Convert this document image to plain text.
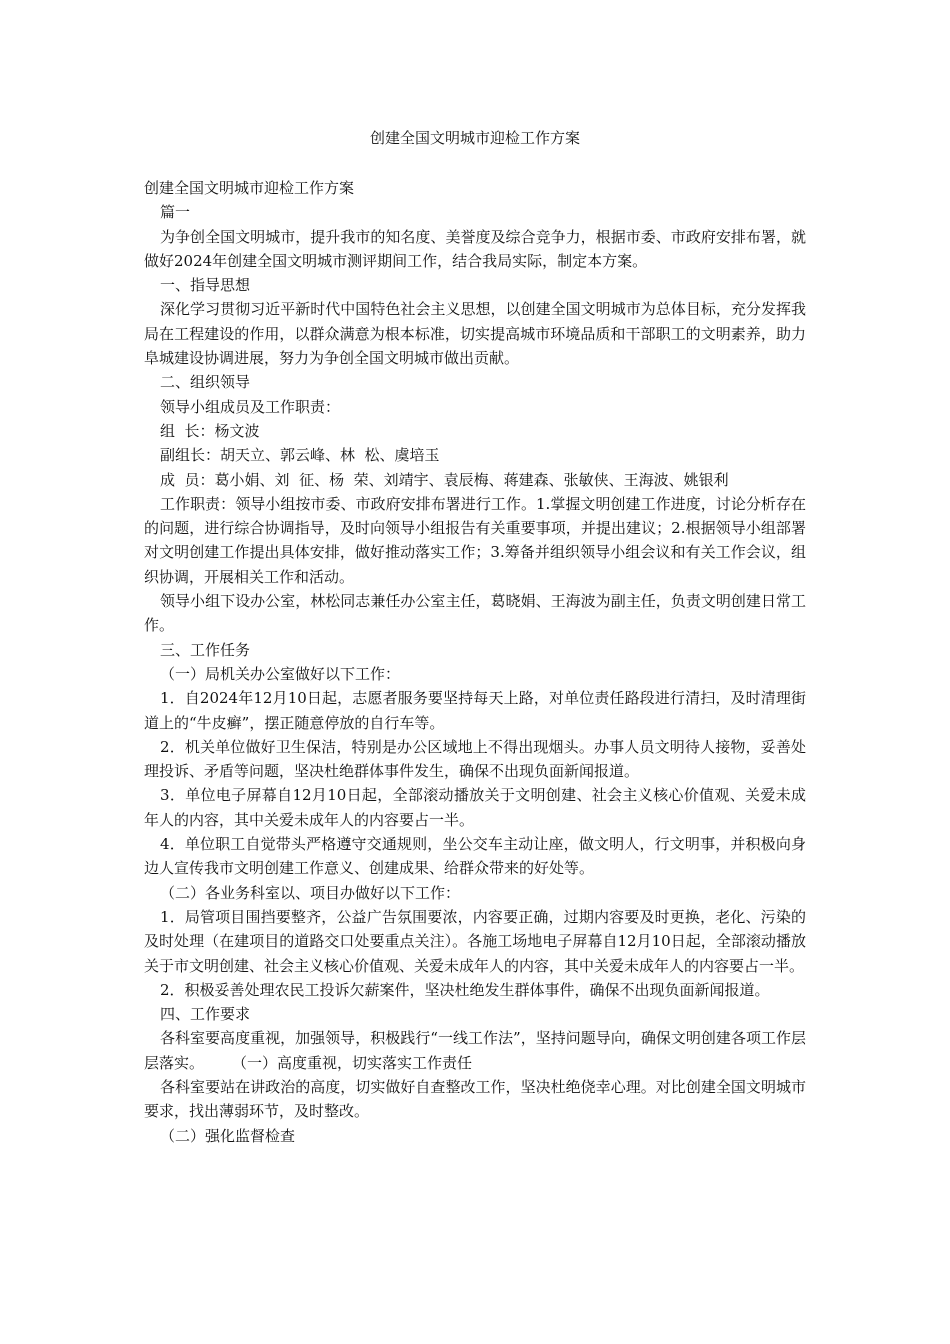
创建全国文明城市迎检工作方案

创建全国文明城市迎检工作方案

篇一

为争创全国文明城市，提升我市的知名度、美誉度及综合竞争力，根据市委、市政府安排布署，就做好2024年创建全国文明城市测评期间工作，结合我局实际，制定本方案。

一、指导思想

深化学习贯彻习近平新时代中国特色社会主义思想，以创建全国文明城市为总体目标，充分发挥我局在工程建设的作用，以群众满意为根本标准，切实提高城市环境品质和干部职工的文明素养，助力阜城建设协调进展，努力为争创全国文明城市做出贡献。

二、组织领导

领导小组成员及工作职责：

组  长：杨文波

副组长：胡天立、郭云峰、林  松、虞培玉

成  员：葛小娟、刘  征、杨  荣、刘靖宇、袁辰梅、蒋建森、张敏侠、王海波、姚银利

工作职责：领导小组按市委、市政府安排布署进行工作。1.掌握文明创建工作进度，讨论分析存在的问题，进行综合协调指导，及时向领导小组报告有关重要事项，并提出建议；2.根据领导小组部署对文明创建工作提出具体安排，做好推动落实工作；3.筹备并组织领导小组会议和有关工作会议，组织协调，开展相关工作和活动。

领导小组下设办公室，林松同志兼任办公室主任，葛晓娟、王海波为副主任，负责文明创建日常工作。

三、工作任务

（一）局机关办公室做好以下工作：

1．自2024年12月10日起，志愿者服务要坚持每天上路，对单位责任路段进行清扫，及时清理街道上的“牛皮癣”，摆正随意停放的自行车等。

2．机关单位做好卫生保洁，特别是办公区域地上不得出现烟头。办事人员文明待人接物，妥善处理投诉、矛盾等问题，坚决杜绝群体事件发生，确保不出现负面新闻报道。

3．单位电子屏幕自12月10日起，全部滚动播放关于文明创建、社会主义核心价值观、关爱未成年人的内容，其中关爱未成年人的内容要占一半。

4．单位职工自觉带头严格遵守交通规则，坐公交车主动让座，做文明人，行文明事，并积极向身边人宣传我市文明创建工作意义、创建成果、给群众带来的好处等。

（二）各业务科室以、项目办做好以下工作：

1．局管项目围挡要整齐，公益广告氛围要浓，内容要正确，过期内容要及时更换，老化、污染的及时处理（在建项目的道路交口处要重点关注）。各施工场地电子屏幕自12月10日起，全部滚动播放关于市文明创建、社会主义核心价值观、关爱未成年人的内容，其中关爱未成年人的内容要占一半。

2．积极妥善处理农民工投诉欠薪案件，坚决杜绝发生群体事件，确保不出现负面新闻报道。

四、工作要求

各科室要高度重视，加强领导，积极践行“一线工作法”，坚持问题导向，确保文明创建各项工作层层落实。 （一）高度重视，切实落实工作责任

各科室要站在讲政治的高度，切实做好自查整改工作，坚决杜绝侥幸心理。对比创建全国文明城市要求，找出薄弱环节，及时整改。

（二）强化监督检查
